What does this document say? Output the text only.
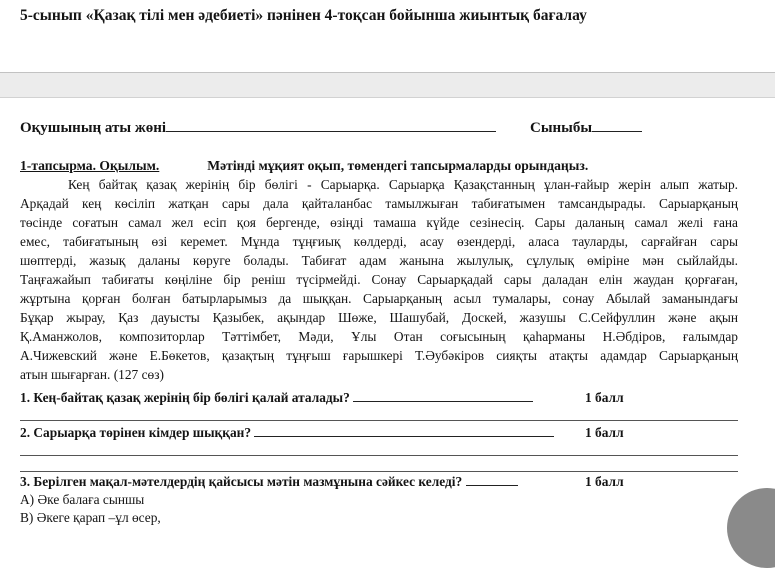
5-сынып «Қазақ тілі мен әдебиеті» пәнінен 4-тоқсан бойынша жиынтық бағалау
Оқушының аты жөні	Сыныбы
1-тапсырма. Оқылым.	Мәтінді мұқият оқып, төмендегі тапсырмаларды орындаңыз.
Кең байтақ қазақ жерінің бір бөлігі - Сарыарқа. Сарыарқа Қазақстанның ұлан-ғайыр жерін алып жатыр.
Арқадай кең көсіліп жатқан сары дала қайталанбас тамылжыған табиғатымен тамсандырады. Сарыарқаның
төсінде соғатын самал жел есіп қоя бергенде, өзіңді тамаша күйде сезінесің. Сары даланың самал желі ғана
емес, табиғатының өзі керемет. Мұнда тұңғиық көлдерді, асау өзендерді, аласа тауларды, сарғайған сары
шөптерді, жазық даланы көруге болады. Табиғат адам жанына жылулық, сұлулық өміріне мән сыйлайды.
Таңғажайып табиғаты көңіліне бір реніш түсірмейді. Сонау Сарыарқадай сары даладан елін жаудан қорғаған,
жұртына қорған болған батырларымыз да шыққан. Сарыарқаның асыл тумалары, сонау Абылай заманындағы
Бұқар жырау, Қаз дауысты Қазыбек, ақындар Шөже, Шашубай, Доскей, жазушы С.Сейфуллин және ақын
Қ.Аманжолов, композиторлар Тәттімбет, Мәди, Ұлы Отан соғысының қаһарманы Н.Әбдіров, ғалымдар
А.Чижевский және Е.Бөкетов, қазақтың тұңғыш ғарышкері Т.Әубәкіров сияқты атақты адамдар Сарыарқаның
атын шығарған. (127 сөз)
1. Кең-байтақ қазақ жерінің бір бөлігі қалай аталады?	1 балл
2. Сарыарқа төрінен кімдер шыққан?	1 балл
3. Берілген мақал-мәтелдердің қайсысы мәтін мазмұнына сәйкес келеді?	1 балл
А) Әке балаға сыншы
В) Әкеге қарап –ұл өсер,
